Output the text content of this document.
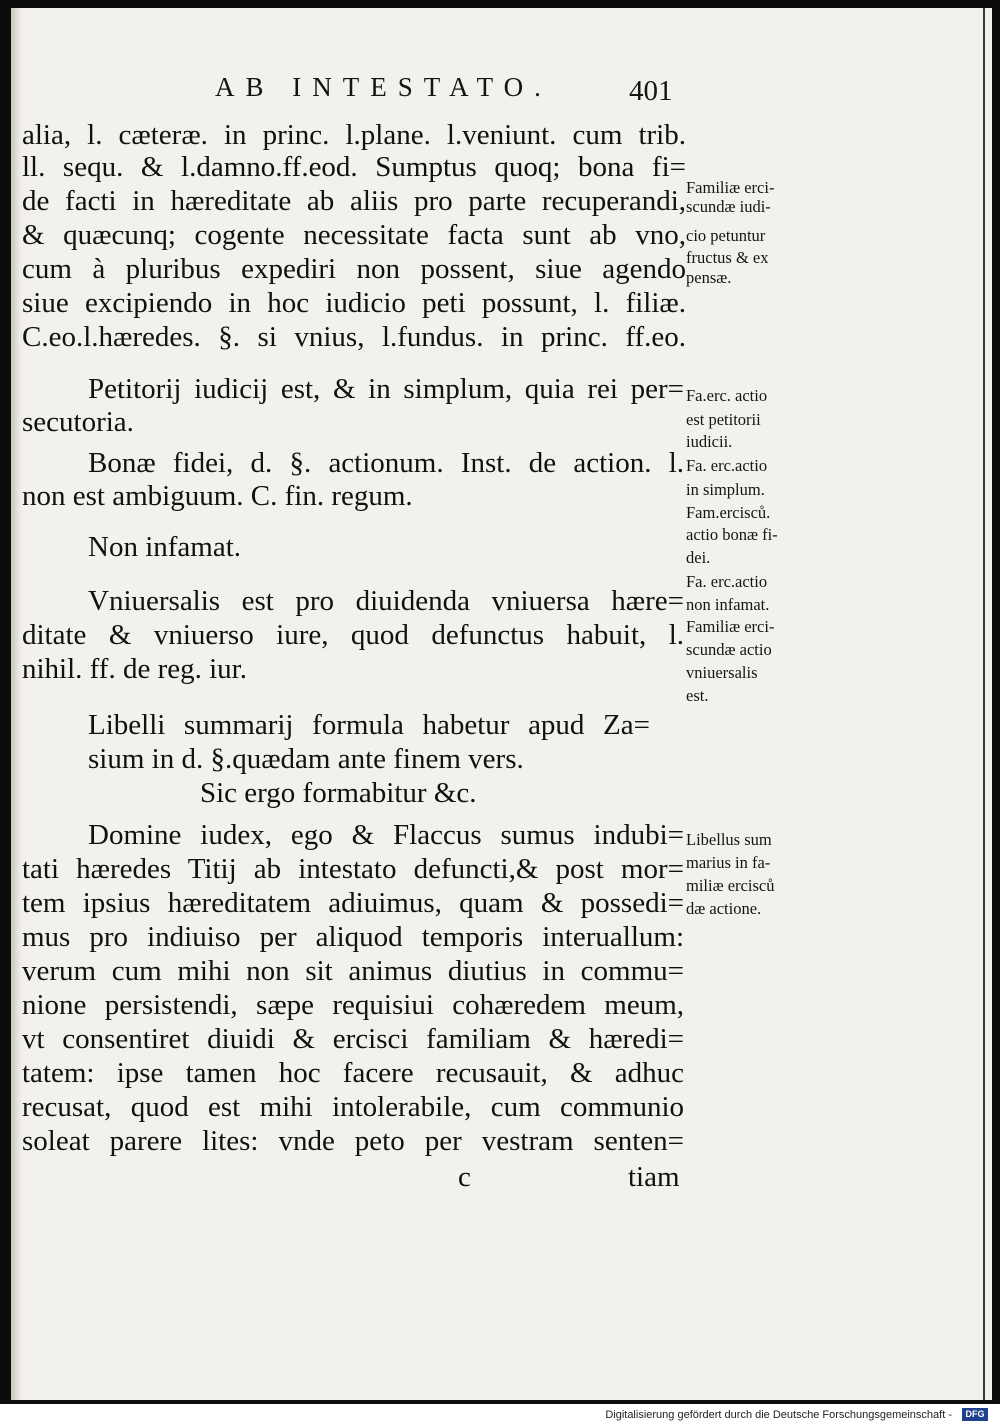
AB INTESTATO.	401
alia, l. cæteræ. in princ. l.plane. l.veniunt. cum trib.
ll. sequ. & l.damno.ff.eod. Sumptus quoq; bona fi=
de facti in hæreditate ab aliis pro parte recuperandi,
& quæcunq; cogente necessitate facta sunt ab vno,
cum à pluribus expediri non possent, siue agendo
siue excipiendo in hoc iudicio peti possunt, l. filiæ.
C.eo.l.hæredes. §. si vnius, l.fundus. in princ. ff.eo.
Petitorij iudicij est, & in simplum, quia rei per=
secutoria.
Bonæ fidei, d. §. actionum. Inst. de action. l.
non est ambiguum. C. fin. regum.
Non infamat.
Vniuersalis est pro diuidenda vniuersa hære=
ditate & vniuerso iure, quod defunctus habuit, l.
nihil. ff. de reg. iur.
Libelli summarij formula habetur apud Za=
sium in d. §.quædam ante finem vers.
Sic ergo formabitur &c.
Domine iudex, ego & Flaccus sumus indubi=
tati hæredes Titij ab intestato defuncti,& post mor=
tem ipsius hæreditatem adiuimus, quam & possedi=
mus pro indiuiso per aliquod temporis interuallum:
verum cum mihi non sit animus diutius in commu=
nione persistendi, sæpe requisiui cohæredem meum,
vt consentiret diuidi & ercisci familiam & hæredi=
tatem: ipse tamen hoc facere recusauit, & adhuc
recusat, quod est mihi intolerabile, cum communio
soleat parere lites: vnde peto per vestram senten=
c	tiam
Familiæ erci-
scundæ iudi-
cio petuntur
fructus & ex
pensæ.
Fa.erc. actio
est petitorii
iudicii.
Fa. erc.actio
in simplum.
Fam.ercisců.
actio bonæ fi-
dei.
Fa. erc.actio
non infamat.
Familiæ erci-
scundæ actio
vniuersalis
est.
Libellus sum
marius in fa-
miliæ ercisců
dæ actione.
Digitalisierung gefördert durch die Deutsche Forschungsgemeinschaft -	DFG
